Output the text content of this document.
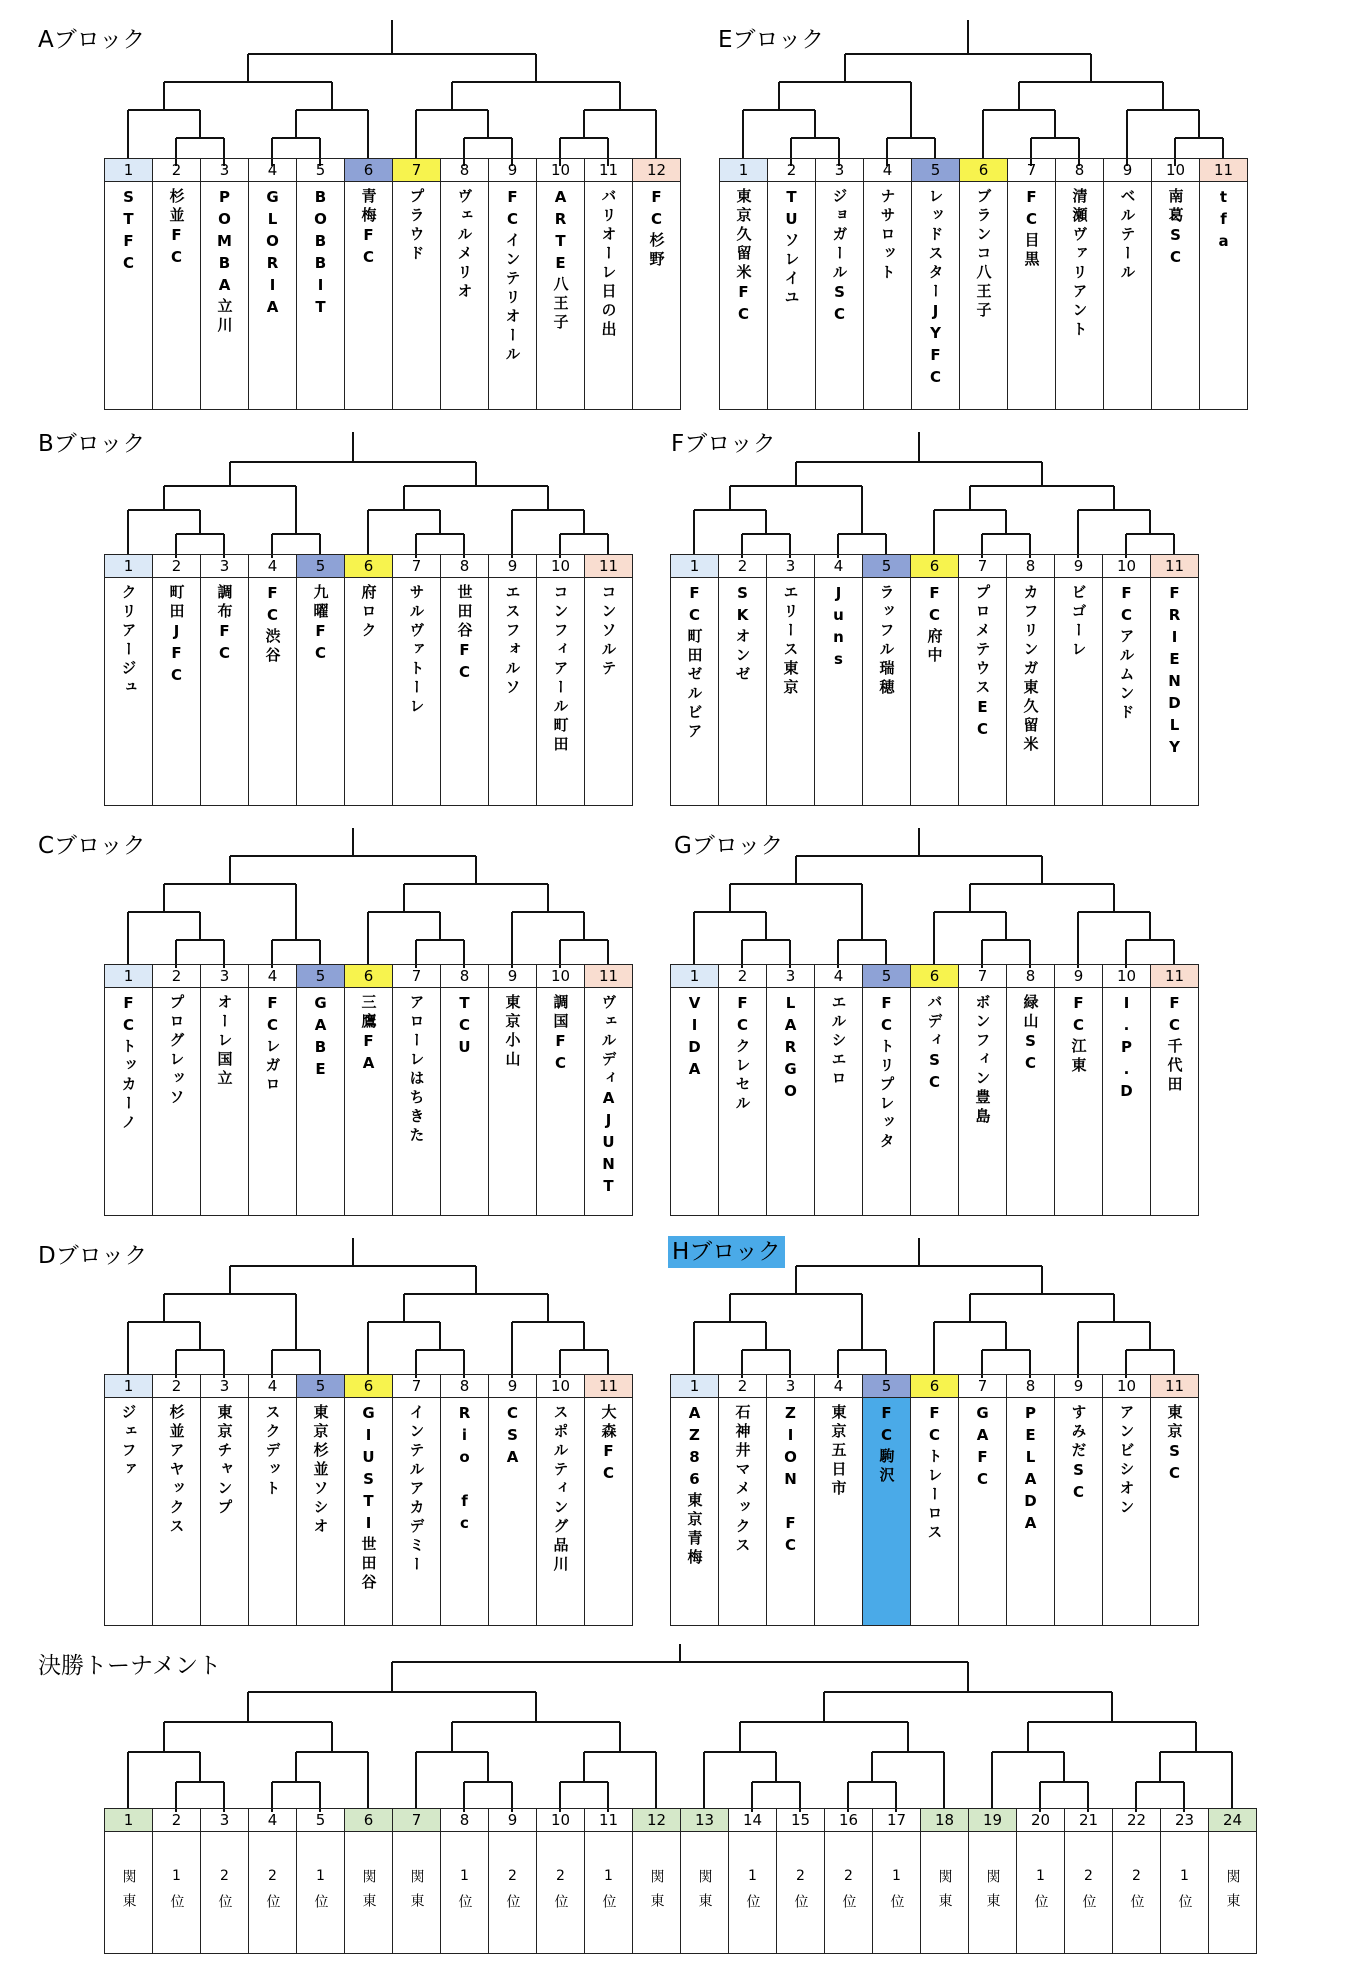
Aブロック
1
STFC
2
杉並FC
3
POMBA立川
4
GLORIA
5
BOBBIT
6
青梅FC
7
プラウド
8
ヴェルメリオ
9
FCインテリオール
10
ARTE八王子
11
バリオーレ日の出
12
FC杉野
Eブロック
1
東京久留米FC
2
TUソレイユ
3
ジョガールSC
4
ナサロット
5
レッドスターJYFC
6
ブランコ八王子
7
FC目黒
8
清瀬ヴァリアント
9
ベルテール
10
南葛SC
11
tfa
Bブロック
1
クリアージュ
2
町田JFC
3
調布FC
4
FC渋谷
5
九曜FC
6
府ロク
7
サルヴァトーレ
8
世田谷FC
9
エスフォルソ
10
コンフィアール町田
11
コンソルテ
Fブロック
1
FC町田ゼルビア
2
SKオンゼ
3
エリース東京
4
Juns
5
ラッフル瑞穂
6
FC府中
7
プロメテウスEC
8
カフリンガ東久留米
9
ビゴーレ
10
FCアルムンド
11
FRIENDLY
Cブロック
1
FCトッカーノ
2
プログレッソ
3
オーレ国立
4
FCレガロ
5
GABE
6
三鷹FA
7
アローレはちきた
8
TCU
9
東京小山
10
調国FC
11
ヴェルディAJUNT
Gブロック
1
VIDA
2
FCクレセル
3
LARGO
4
エルシエロ
5
FCトリプレッタ
6
バディSC
7
ボンフィン豊島
8
緑山SC
9
FC江東
10
I.P.D
11
FC千代田
Dブロック
1
ジェファ
2
杉並アヤックス
3
東京チャンプ
4
スクデット
5
東京杉並ソシオ
6
GIUSTI世田谷
7
インテルアカデミー
8
Rio fc
9
CSA
10
スポルティング品川
11
大森FC
Hブロック
1
AZ86東京青梅
2
石神井マメックス
3
ZION FC
4
東京五日市
5
FC駒沢
6
FCトレーロス
7
GAFC
8
PELADA
9
すみだSC
10
アンビシオン
11
東京SC
決勝トーナメント
1
関東
2
1位
3
2位
4
2位
5
1位
6
関東
7
関東
8
1位
9
2位
10
2位
11
1位
12
関東
13
関東
14
1位
15
2位
16
2位
17
1位
18
関東
19
関東
20
1位
21
2位
22
2位
23
1位
24
関東
